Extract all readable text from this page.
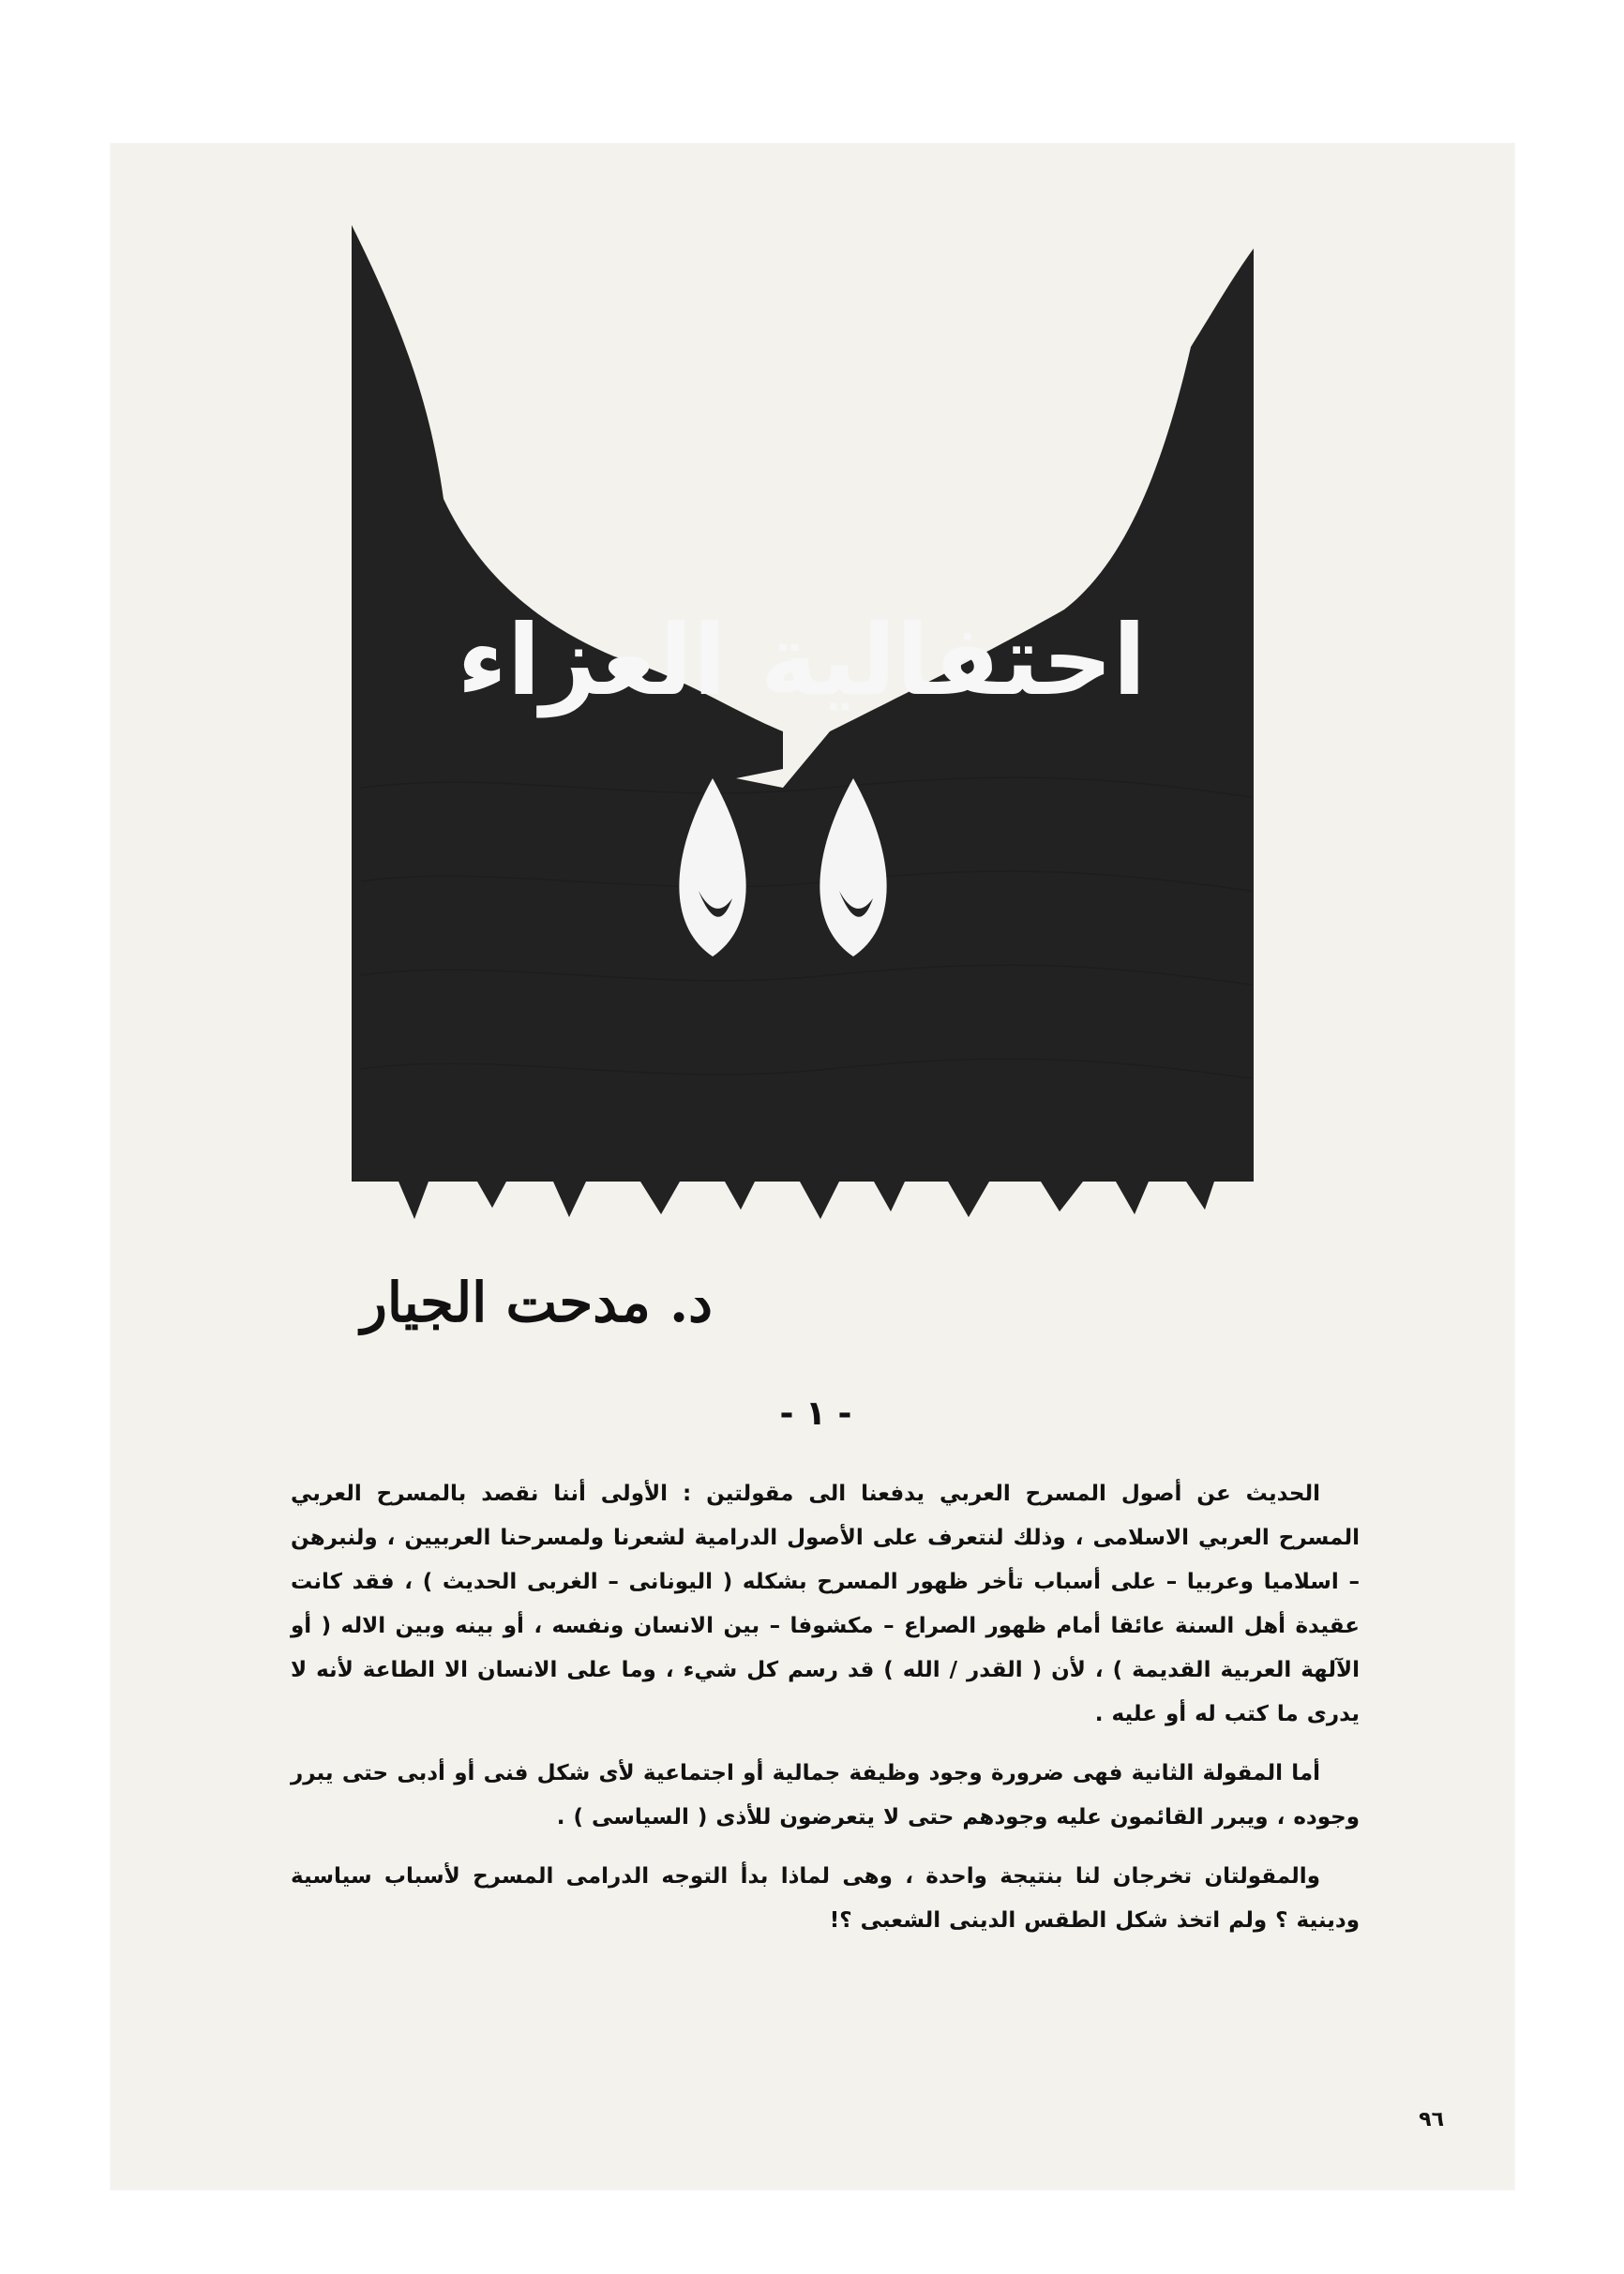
احتفالية العزاء
د. مدحت الجيار
- ١ -

الحديث عن أصول المسرح العربي يدفعنا الى مقولتين : الأولى أننا نقصد بالمسرح العربي المسرح العربي الاسلامى ، وذلك لنتعرف على الأصول الدرامية لشعرنا ولمسرحنا العربيين ، ولنبرهن – اسلاميا وعربيا – على أسباب تأخر ظهور المسرح بشكله ( اليونانى – الغربى الحديث ) ، فقد كانت عقيدة أهل السنة عائقا أمام ظهور الصراع – مكشوفا – بين الانسان ونفسه ، أو بينه وبين الاله ( أو الآلهة العربية القديمة ) ، لأن ( القدر / الله ) قد رسم كل شيء ، وما على الانسان الا الطاعة لأنه لا يدرى ما كتب له أو عليه .

أما المقولة الثانية فهى ضرورة وجود وظيفة جمالية أو اجتماعية لأى شكل فنى أو أدبى حتى يبرر وجوده ، ويبرر القائمون عليه وجودهم حتى لا يتعرضون للأذى ( السياسى ) .

والمقولتان تخرجان لنا بنتيجة واحدة ، وهى لماذا بدأ التوجه الدرامى المسرح لأسباب سياسية ودينية ؟ ولم اتخذ شكل الطقس الدينى الشعبى ؟!

٩٦
